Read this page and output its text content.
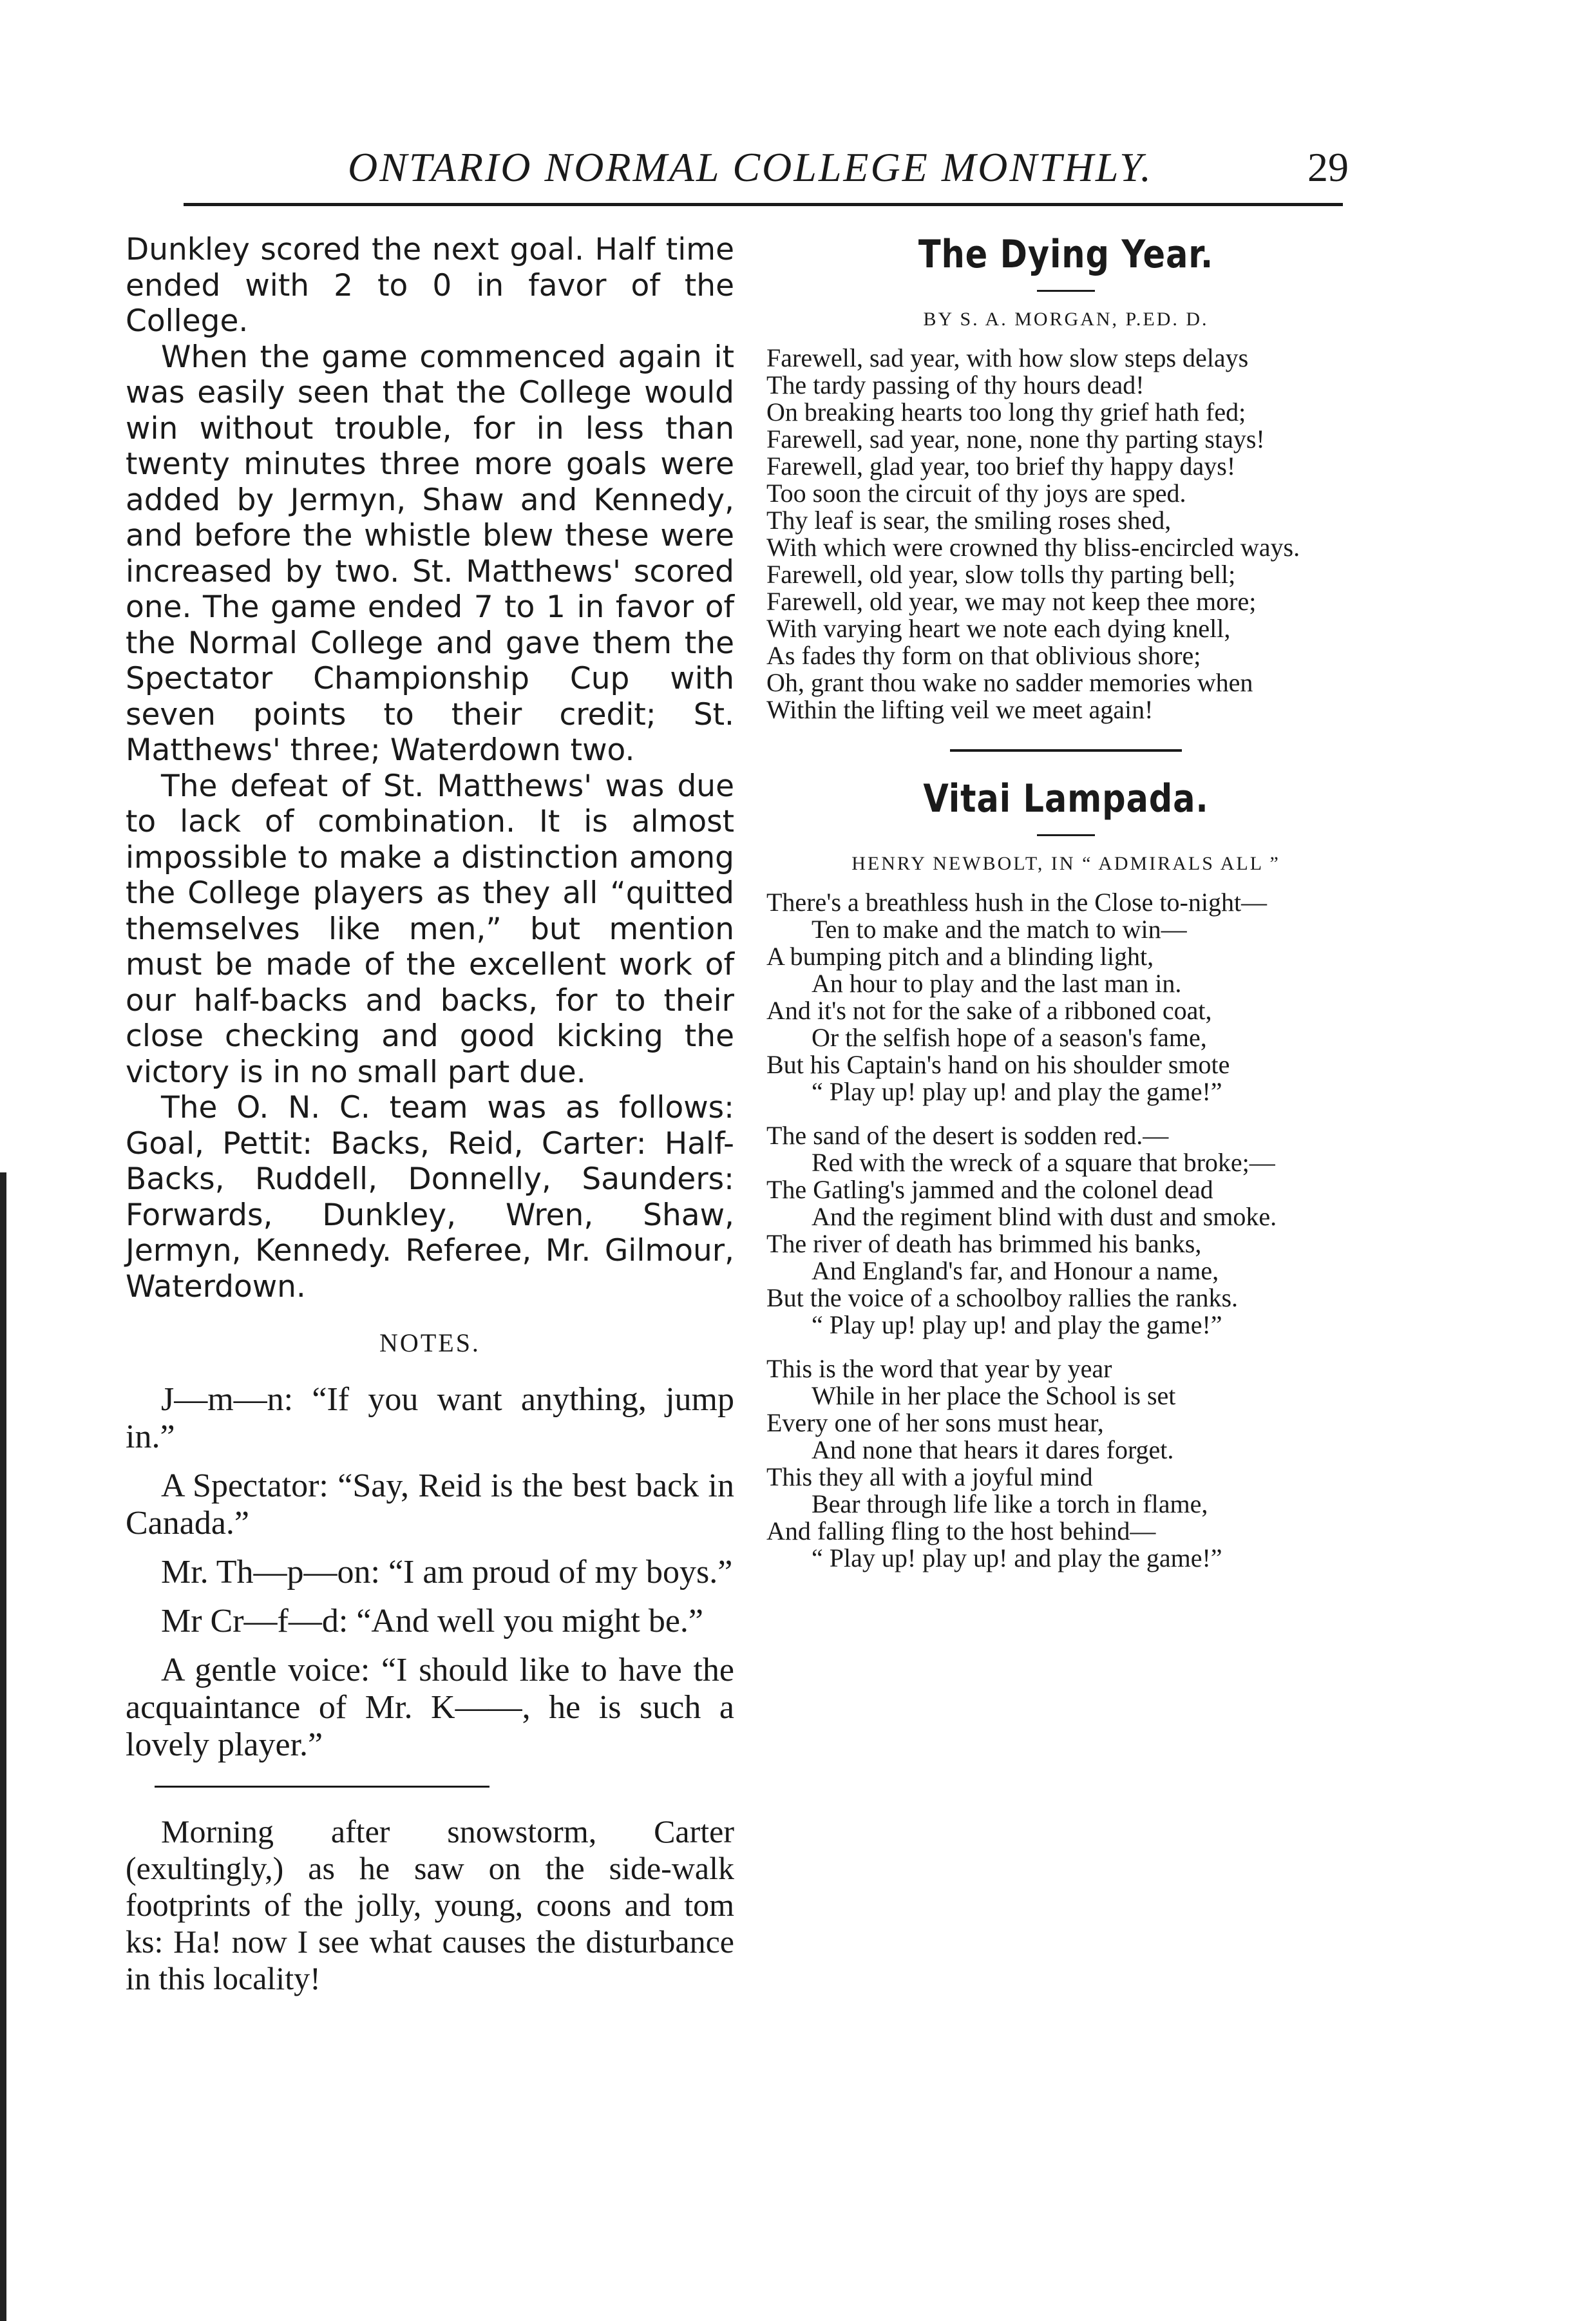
ONTARIO NORMAL COLLEGE MONTHLY.	29

Dunkley scored the next goal. Half time ended with 2 to 0 in favor of the College.

When the game commenced again it was easily seen that the College would win without trouble, for in less than twenty minutes three more goals were added by Jermyn, Shaw and Kennedy, and before the whistle blew these were increased by two. St. Matthews' scored one. The game ended 7 to 1 in favor of the Normal College and gave them the Spectator Championship Cup with seven points to their credit; St. Matthews' three; Waterdown two.

The defeat of St. Matthews' was due to lack of combination. It is almost impossible to make a distinction among the College players as they all “quitted themselves like men,” but mention must be made of the excellent work of our half-backs and backs, for to their close checking and good kicking the victory is in no small part due.

The O. N. C. team was as follows: Goal, Pettit: Backs, Reid, Carter: Half-Backs, Ruddell, Donnelly, Saunders: Forwards, Dunkley, Wren, Shaw, Jermyn, Kennedy. Referee, Mr. Gilmour, Waterdown.

NOTES.

J—m—n: “If you want anything, jump in.”

A Spectator: “Say, Reid is the best back in Canada.”

Mr. Th—p—on: “I am proud of my boys.”

Mr Cr—f—d: “And well you might be.”

A gentle voice: “I should like to have the acquaintance of Mr. K——, he is such a lovely player.”

Morning after snowstorm, Carter (exultingly,) as he saw on the side-walk footprints of the jolly, young, coons and tom ks: Ha! now I see what causes the disturbance in this locality!

The Dying Year.
BY S. A. MORGAN, P.ED. D.
Farewell, sad year, with how slow steps delays
The tardy passing of thy hours dead!
On breaking hearts too long thy grief hath fed;
Farewell, sad year, none, none thy parting stays!
Farewell, glad year, too brief thy happy days!
Too soon the circuit of thy joys are sped.
Thy leaf is sear, the smiling roses shed,
With which were crowned thy bliss-encircled ways.
Farewell, old year, slow tolls thy parting bell;
Farewell, old year, we may not keep thee more;
With varying heart we note each dying knell,
As fades thy form on that oblivious shore;
Oh, grant thou wake no sadder memories when
Within the lifting veil we meet again!
Vitai Lampada.
HENRY NEWBOLT, IN “ ADMIRALS ALL ”
There's a breathless hush in the Close to-night—
Ten to make and the match to win—
A bumping pitch and a blinding light,
An hour to play and the last man in.
And it's not for the sake of a ribboned coat,
Or the selfish hope of a season's fame,
But his Captain's hand on his shoulder smote
“ Play up! play up! and play the game!”
The sand of the desert is sodden red.—
Red with the wreck of a square that broke;—
The Gatling's jammed and the colonel dead
And the regiment blind with dust and smoke.
The river of death has brimmed his banks,
And England's far, and Honour a name,
But the voice of a schoolboy rallies the ranks.
“ Play up! play up! and play the game!”
This is the word that year by year
While in her place the School is set
Every one of her sons must hear,
And none that hears it dares forget.
This they all with a joyful mind
Bear through life like a torch in flame,
And falling fling to the host behind—
“ Play up! play up! and play the game!”
